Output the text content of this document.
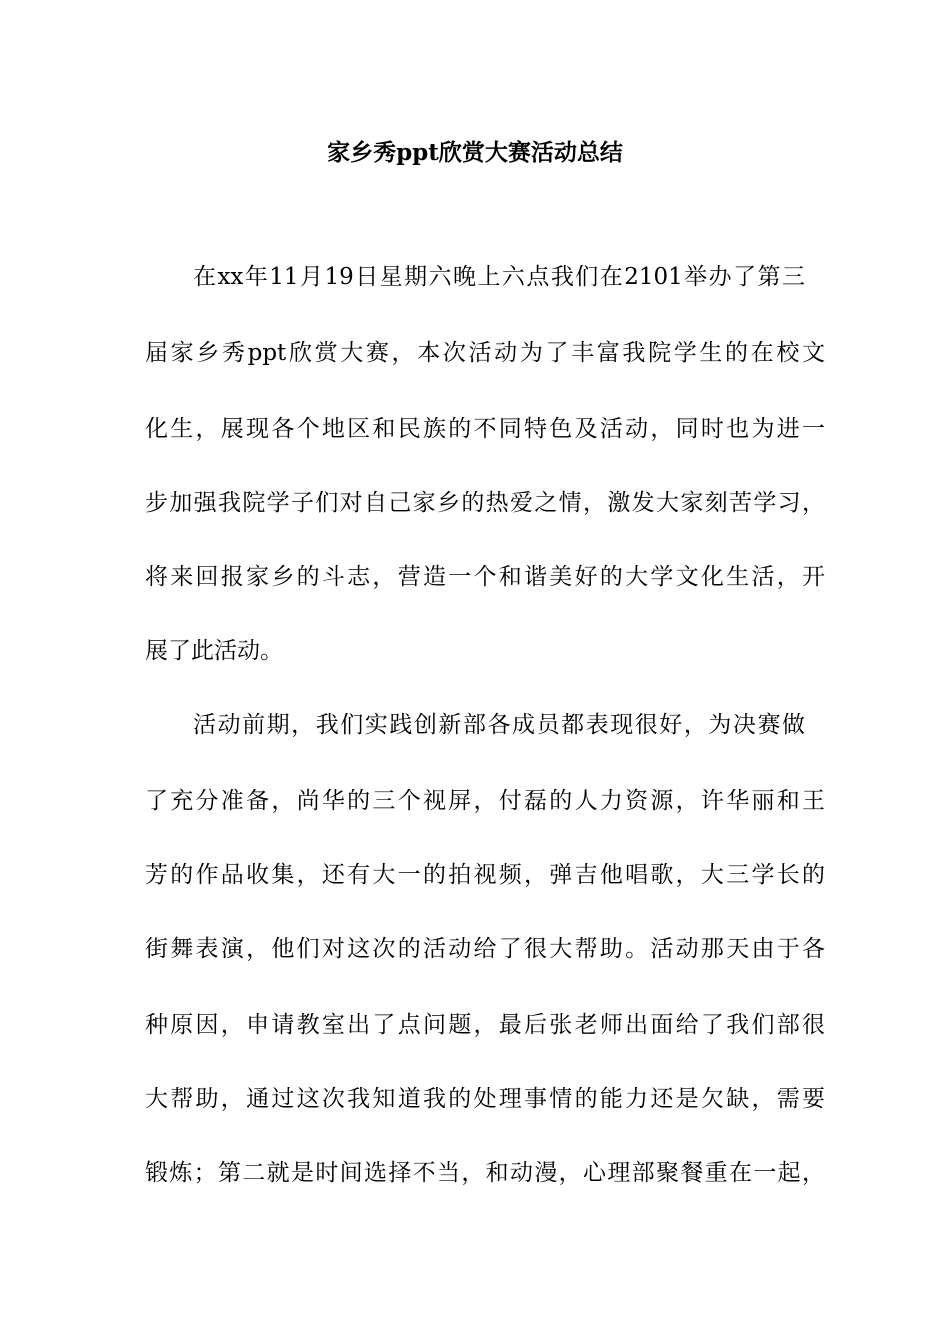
家乡秀ppt欣赏大赛活动总结
在xx年11月19日星期六晚上六点我们在2101举办了第三
届家乡秀ppt欣赏大赛，本次活动为了丰富我院学生的在校文
化生，展现各个地区和民族的不同特色及活动，同时也为进一
步加强我院学子们对自己家乡的热爱之情，激发大家刻苦学习，
将来回报家乡的斗志，营造一个和谐美好的大学文化生活，开
展了此活动。
活动前期，我们实践创新部各成员都表现很好，为决赛做
了充分准备，尚华的三个视屏，付磊的人力资源，许华丽和王
芳的作品收集，还有大一的拍视频，弹吉他唱歌，大三学长的
街舞表演，他们对这次的活动给了很大帮助。活动那天由于各
种原因，申请教室出了点问题，最后张老师出面给了我们部很
大帮助，通过这次我知道我的处理事情的能力还是欠缺，需要
锻炼；第二就是时间选择不当，和动漫，心理部聚餐重在一起，
